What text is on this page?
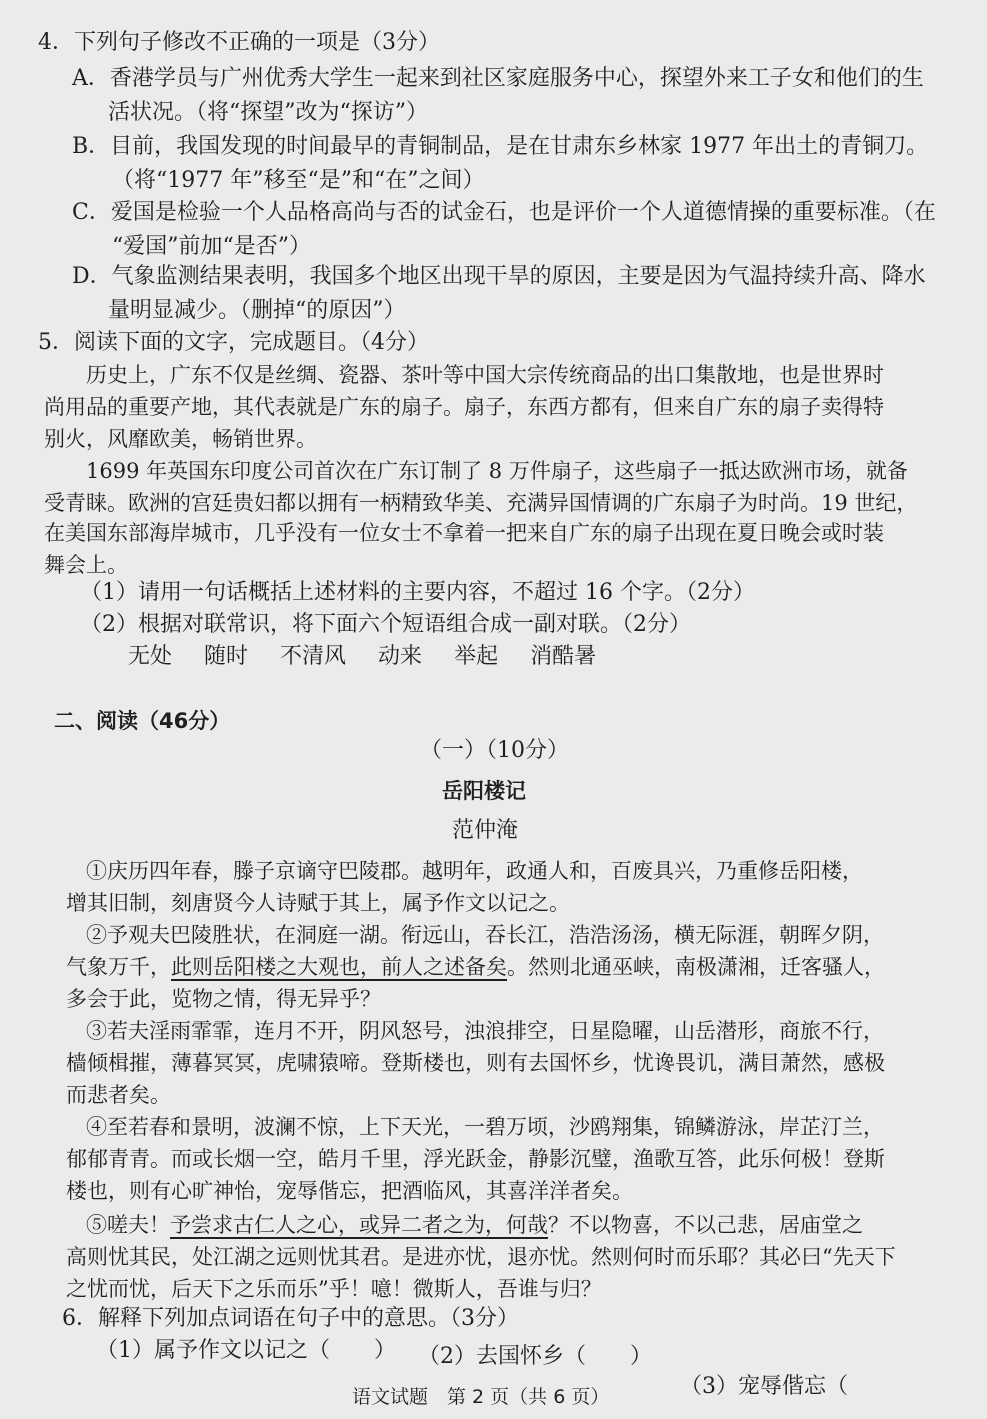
4．下列句子修改不正确的一项是（3分）
A．香港学员与广州优秀大学生一起来到社区家庭服务中心，探望外来工子女和他们的生
活状况。（将“探望”改为“探访”）
B．目前，我国发现的时间最早的青铜制品，是在甘肃东乡林家 1977 年出土的青铜刀。
（将“1977 年”移至“是”和“在”之间）
C．爱国是检验一个人品格高尚与否的试金石，也是评价一个人道德情操的重要标准。（在
“爱国”前加“是否”）
D．气象监测结果表明，我国多个地区出现干旱的原因，主要是因为气温持续升高、降水
量明显减少。（删掉“的原因”）
5．阅读下面的文字，完成题目。（4分）
历史上，广东不仅是丝绸、瓷器、茶叶等中国大宗传统商品的出口集散地，也是世界时
尚用品的重要产地，其代表就是广东的扇子。扇子，东西方都有，但来自广东的扇子卖得特
别火，风靡欧美，畅销世界。
1699 年英国东印度公司首次在广东订制了 8 万件扇子，这些扇子一抵达欧洲市场，就备
受青睐。欧洲的宫廷贵妇都以拥有一柄精致华美、充满异国情调的广东扇子为时尚。19 世纪，
在美国东部海岸城市，几乎没有一位女士不拿着一把来自广东的扇子出现在夏日晚会或时装
舞会上。
（1）请用一句话概括上述材料的主要内容，不超过 16 个字。（2分）
（2）根据对联常识，将下面六个短语组合成一副对联。（2分）
无处 随时 不清风 动来 举起 消酷暑
二、阅读（46分）
（一）（10分）
岳阳楼记
范仲淹
①庆历四年春，滕子京谪守巴陵郡。越明年，政通人和，百废具兴，乃重修岳阳楼，
增其旧制，刻唐贤今人诗赋于其上，属予作文以记之。
②予观夫巴陵胜状，在洞庭一湖。衔远山，吞长江，浩浩汤汤，横无际涯，朝晖夕阴，
气象万千，此则岳阳楼之大观也，前人之述备矣。然则北通巫峡，南极潇湘，迁客骚人，
多会于此，览物之情，得无异乎？
③若夫淫雨霏霏，连月不开，阴风怒号，浊浪排空，日星隐曜，山岳潜形，商旅不行，
樯倾楫摧，薄暮冥冥，虎啸猿啼。登斯楼也，则有去国怀乡，忧谗畏讥，满目萧然，感极
而悲者矣。
④至若春和景明，波澜不惊，上下天光，一碧万顷，沙鸥翔集，锦鳞游泳，岸芷汀兰，
郁郁青青。而或长烟一空，皓月千里，浮光跃金，静影沉璧，渔歌互答，此乐何极！登斯
楼也，则有心旷神怡，宠辱偕忘，把酒临风，其喜洋洋者矣。
⑤嗟夫！予尝求古仁人之心，或异二者之为，何哉？不以物喜，不以己悲，居庙堂之
高则忧其民，处江湖之远则忧其君。是进亦忧，退亦忧。然则何时而乐耶？其必曰“先天下
之忧而忧，后天下之乐而乐”乎！噫！微斯人，吾谁与归？
6．解释下列加点词语在句子中的意思。（3分）
（1）属予作文以记之（　　） （2）去国怀乡（　　）
（3）宠辱偕忘（
语文试题　第 2 页（共 6 页）
